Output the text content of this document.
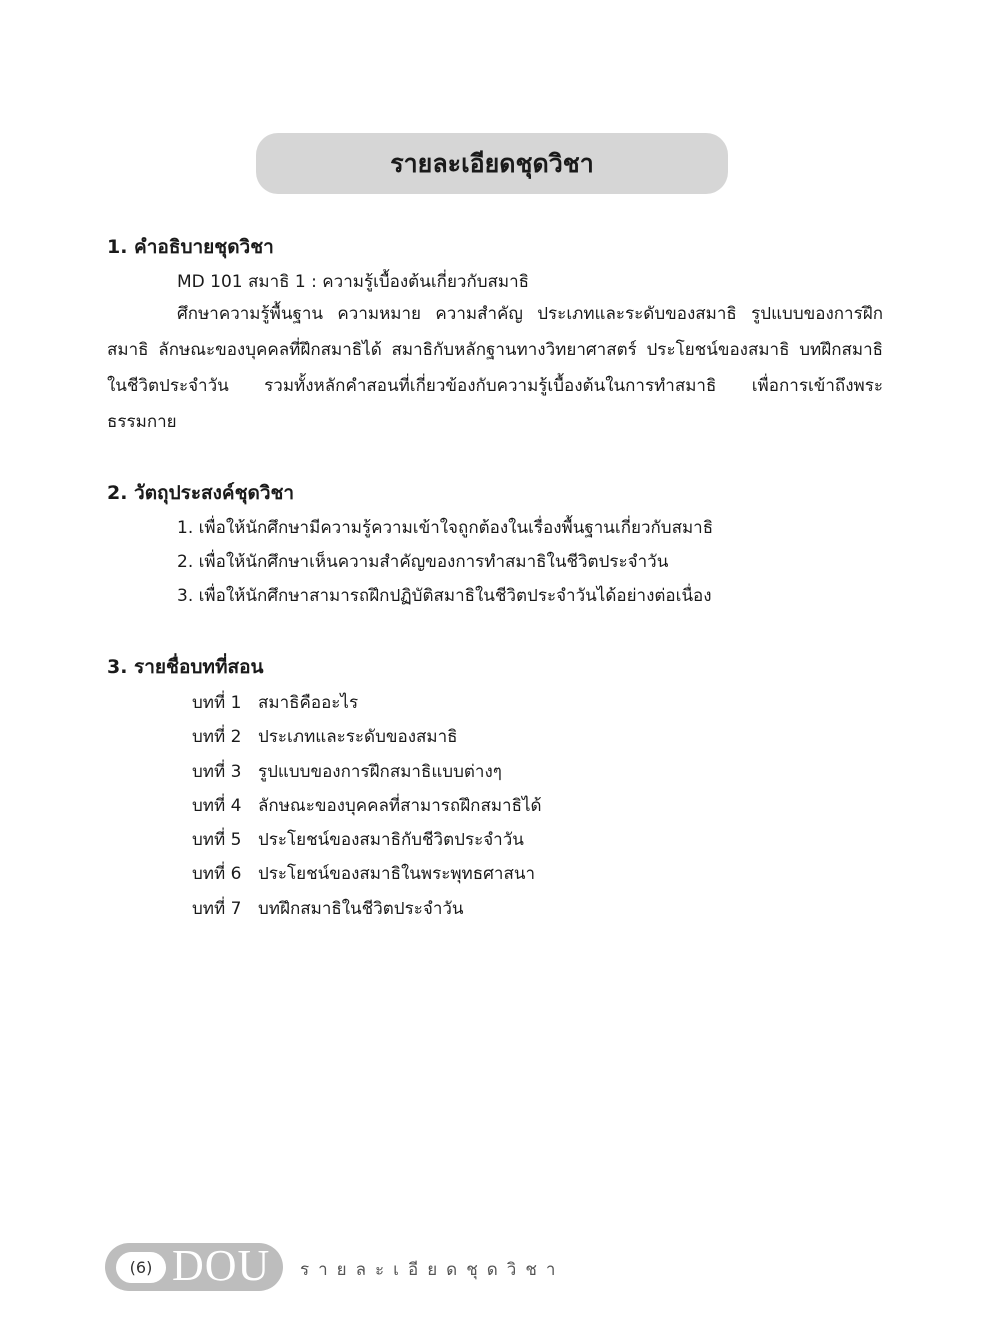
รายละเอียดชุดวิชา
1. คำอธิบายชุดวิชา

MD 101 สมาธิ 1 : ความรู้เบื้องต้นเกี่ยวกับสมาธิ

ศึกษาความรู้พื้นฐาน ความหมาย ความสำคัญ ประเภทและระดับของสมาธิ รูปแบบของการฝึกสมาธิ ลักษณะของบุคคลที่ฝึกสมาธิได้ สมาธิกับหลักฐานทางวิทยาศาสตร์ ประโยชน์ของสมาธิ บทฝึกสมาธิในชีวิตประจำวัน รวมทั้งหลักคำสอนที่เกี่ยวข้องกับความรู้เบื้องต้นในการทำสมาธิ เพื่อการเข้าถึงพระธรรมกาย

2. วัตถุประสงค์ชุดวิชา

1. เพื่อให้นักศึกษามีความรู้ความเข้าใจถูกต้องในเรื่องพื้นฐานเกี่ยวกับสมาธิ

2. เพื่อให้นักศึกษาเห็นความสำคัญของการทำสมาธิในชีวิตประจำวัน

3. เพื่อให้นักศึกษาสามารถฝึกปฏิบัติสมาธิในชีวิตประจำวันได้อย่างต่อเนื่อง

3. รายชื่อบทที่สอน
บทที่ 1 สมาธิคืออะไร
บทที่ 2 ประเภทและระดับของสมาธิ
บทที่ 3 รูปแบบของการฝึกสมาธิแบบต่างๆ
บทที่ 4 ลักษณะของบุคคลที่สามารถฝึกสมาธิได้
บทที่ 5 ประโยชน์ของสมาธิกับชีวิตประจำวัน
บทที่ 6 ประโยชน์ของสมาธิในพระพุทธศาสนา
บทที่ 7 บทฝึกสมาธิในชีวิตประจำวัน
(6) DOU รายละเอียดชุดวิชา
